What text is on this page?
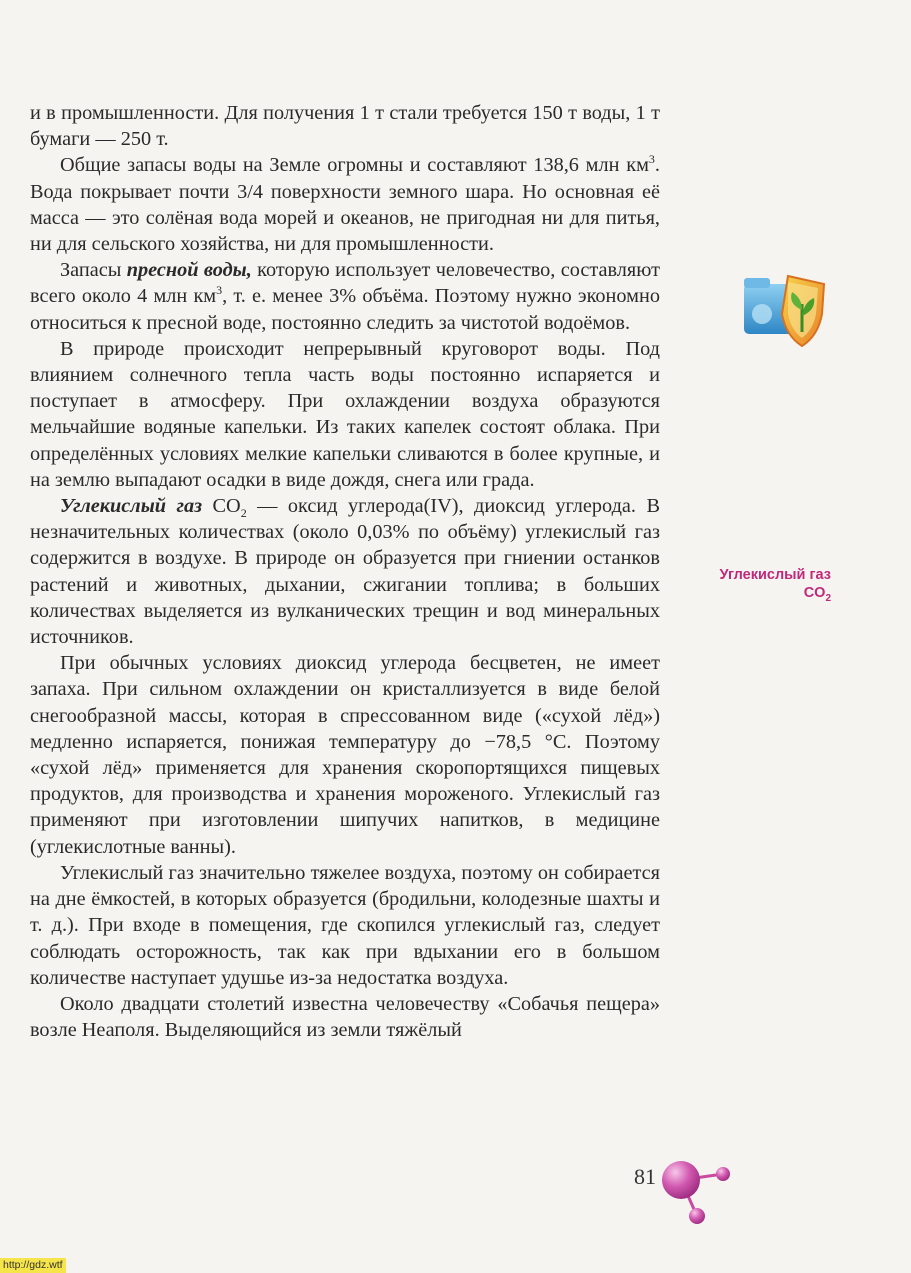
и в промышленности. Для получения 1 т стали требуется 150 т воды, 1 т бумаги — 250 т.

Общие запасы воды на Земле огромны и составляют 138,6 млн $км^3$. Вода покрывает почти 3/4 поверхности земного шара. Но основная её масса — это солёная вода морей и океанов, не пригодная ни для питья, ни для сельского хозяйства, ни для промышленности.

Запасы пресной воды, которую использует человечество, составляют всего около 4 млн $км^3$, т. е. менее 3% объёма. Поэтому нужно экономно относиться к пресной воде, постоянно следить за чистотой водоёмов.

В природе происходит непрерывный круговорот воды. Под влиянием солнечного тепла часть воды постоянно испаряется и поступает в атмосферу. При охлаждении воздуха образуются мельчайшие водяные капельки. Из таких капелек состоят облака. При определённых условиях мелкие капельки сливаются в более крупные, и на землю выпадают осадки в виде дождя, снега или града.

Углекислый газ $CO_2$ — оксид углерода(IV), диоксид углерода. В незначительных количествах (около 0,03% по объёму) углекислый газ содержится в воздухе. В природе он образуется при гниении останков растений и животных, дыхании, сжигании топлива; в больших количествах выделяется из вулканических трещин и вод минеральных источников.

При обычных условиях диоксид углерода бесцветен, не имеет запаха. При сильном охлаждении он кристаллизуется в виде белой снегообразной массы, которая в спрессованном виде («сухой лёд») медленно испаряется, понижая температуру до −78,5 °С. Поэтому «сухой лёд» применяется для хранения скоропортящихся пищевых продуктов, для производства и хранения мороженого. Углекислый газ применяют при изготовлении шипучих напитков, в медицине (углекислотные ванны).

Углекислый газ значительно тяжелее воздуха, поэтому он собирается на дне ёмкостей, в которых образуется (бродильни, колодезные шахты и т. д.). При входе в помещения, где скопился углекислый газ, следует соблюдать осторожность, так как при вдыхании его в большом количестве наступает удушье из-за недостатка воздуха.

Около двадцати столетий известна человечеству «Собачья пещера» возле Неаполя. Выделяющийся из земли тяжёлый

Углекислый газ
$CO_2$
81
http://gdz.wtf
